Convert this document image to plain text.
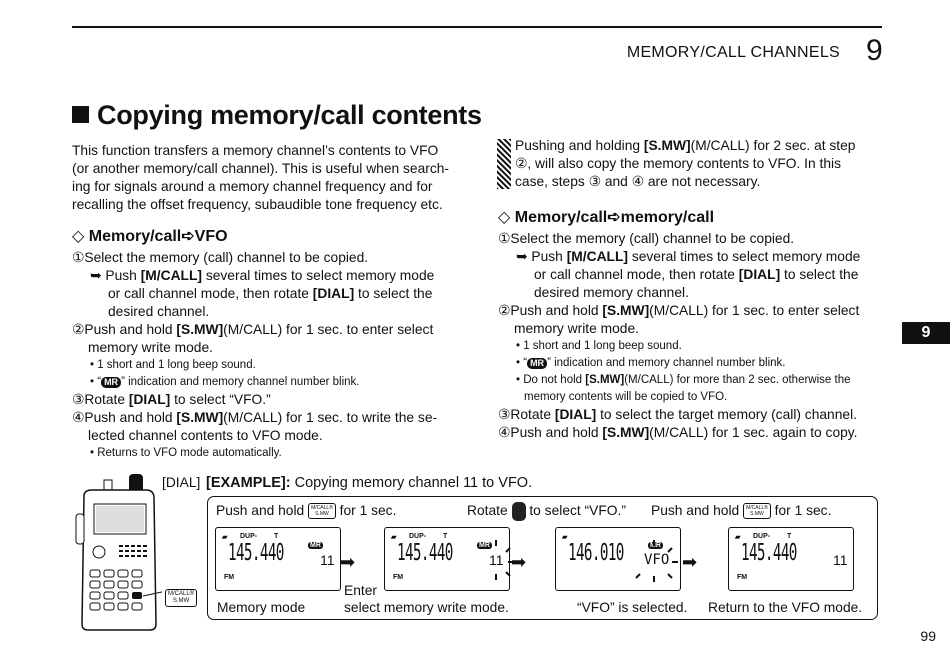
MEMORY/CALL CHANNELS 9
9
Copying memory/call contents
This function transfers a memory channel’s contents to VFO
(or another memory/call channel). This is useful when search-
ing for signals around a memory channel frequency and for
recalling the offset frequency, subaudible tone frequency etc.
◇ Memory/call➪VFO
①Select the memory (call) channel to be copied.
➥ Push [M/CALL] several times to select memory mode
or call channel mode, then rotate [DIAL] to select the
desired channel.
②Push and hold [S.MW](M/CALL) for 1 sec. to enter select
memory write mode.
• 1 short and 1 long beep sound.
• “ MR ” indication and memory channel number blink.
③Rotate [DIAL] to select “VFO.”
④Push and hold [S.MW](M/CALL) for 1 sec. to write the se-
lected channel contents to VFO mode.
• Returns to VFO mode automatically.
Pushing and holding [S.MW](M/CALL) for 2 sec. at step
②, will also copy the memory contents to VFO. In this
case, steps ③ and ④ are not necessary.
◇ Memory/call➪memory/call
①Select the memory (call) channel to be copied.
➥ Push [M/CALL] several times to select memory mode
or call channel mode, then rotate [DIAL] to select the
desired memory channel.
②Push and hold [S.MW](M/CALL) for 1 sec. to enter select
memory write mode.
• 1 short and 1 long beep sound.
• “ MR ” indication and memory channel number blink.
• Do not hold [S.MW](M/CALL) for more than 2 sec. otherwise the
memory contents will be copied to VFO.
③Rotate [DIAL] to select the target memory (call) channel.
④Push and hold [S.MW](M/CALL) for 1 sec. again to copy.
M/CALL®
S.MW
[DIAL] [EXAMPLE]: Copying memory channel 11 to VFO.
Push and hold M/CALL®
S.MW for 1 sec.	Rotate to select “VFO.” Push and hold M/CALL®
S.MW for 1 sec.
▰ DUP- T
MR
145.440	11
FM
➡
▰ DUP- T
MR
145.440	11
FM
➡
▰
MR
146.010 VFO ➡
▰ DUP- T
145.440	11
FM
Memory mode
Enter
select memory write mode.	“VFO” is selected. Return to the VFO mode.
99
